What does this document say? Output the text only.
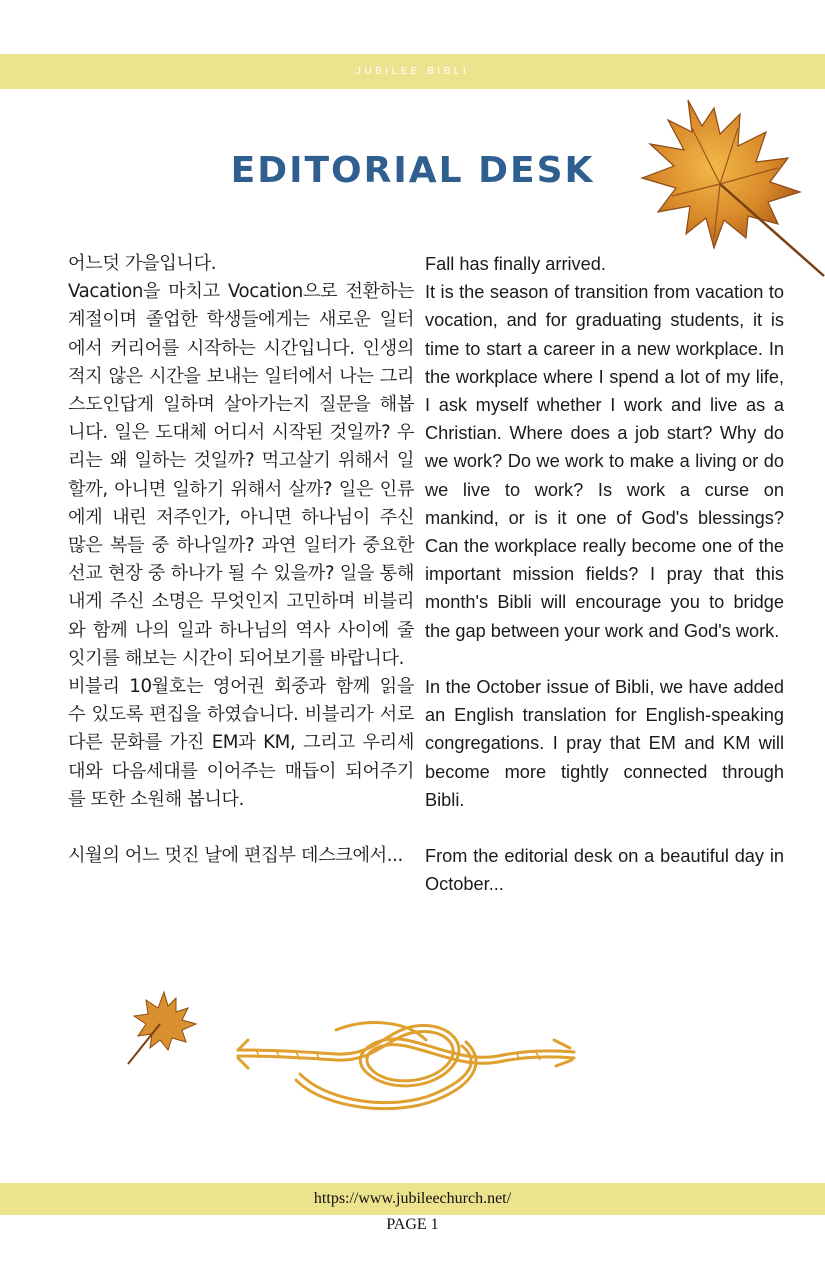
JUBILEE BIBLI
EDITORIAL DESK

어느덧 가을입니다.

Vacation을 마치고 Vocation으로 전환하는 계절이며 졸업한 학생들에게는 새로운 일터에서 커리어를 시작하는 시간입니다. 인생의 적지 않은 시간을 보내는 일터에서 나는 그리스도인답게 일하며 살아가는지 질문을 해봅니다. 일은 도대체 어디서 시작된 것일까? 우리는 왜 일하는 것일까? 먹고살기 위해서 일할까, 아니면 일하기 위해서 살까? 일은 인류에게 내린 저주인가, 아니면 하나님이 주신 많은 복들 중 하나일까? 과연 일터가 중요한 선교 현장 중 하나가 될 수 있을까? 일을 통해 내게 주신 소명은 무엇인지 고민하며 비블리와 함께 나의 일과 하나님의 역사 사이에 줄 잇기를 해보는 시간이 되어보기를 바랍니다.

비블리 10월호는 영어권 회중과 함께 읽을 수 있도록 편집을 하였습니다. 비블리가 서로 다른 문화를 가진 EM과 KM, 그리고 우리세대와 다음세대를 이어주는 매듭이 되어주기를 또한 소원해 봅니다.

시월의 어느 멋진 날에 편집부 데스크에서...

Fall has finally arrived.

It is the season of transition from vacation to vocation, and for graduating students, it is time to start a career in a new workplace. In the workplace where I spend a lot of my life, I ask myself whether I work and live as a Christian. Where does a job start? Why do we work? Do we work to make a living or do we live to work? Is work a curse on mankind, or is it one of God's blessings? Can the workplace really become one of the important mission fields? I pray that this month's Bibli will encourage you to bridge the gap between your work and God's work.

In the October issue of Bibli, we have added an English translation for English-speaking congregations. I pray that EM and KM will become more tightly connected through Bibli.

From the editorial desk on a beautiful day in October...

https://www.jubileechurch.net/
PAGE 1
